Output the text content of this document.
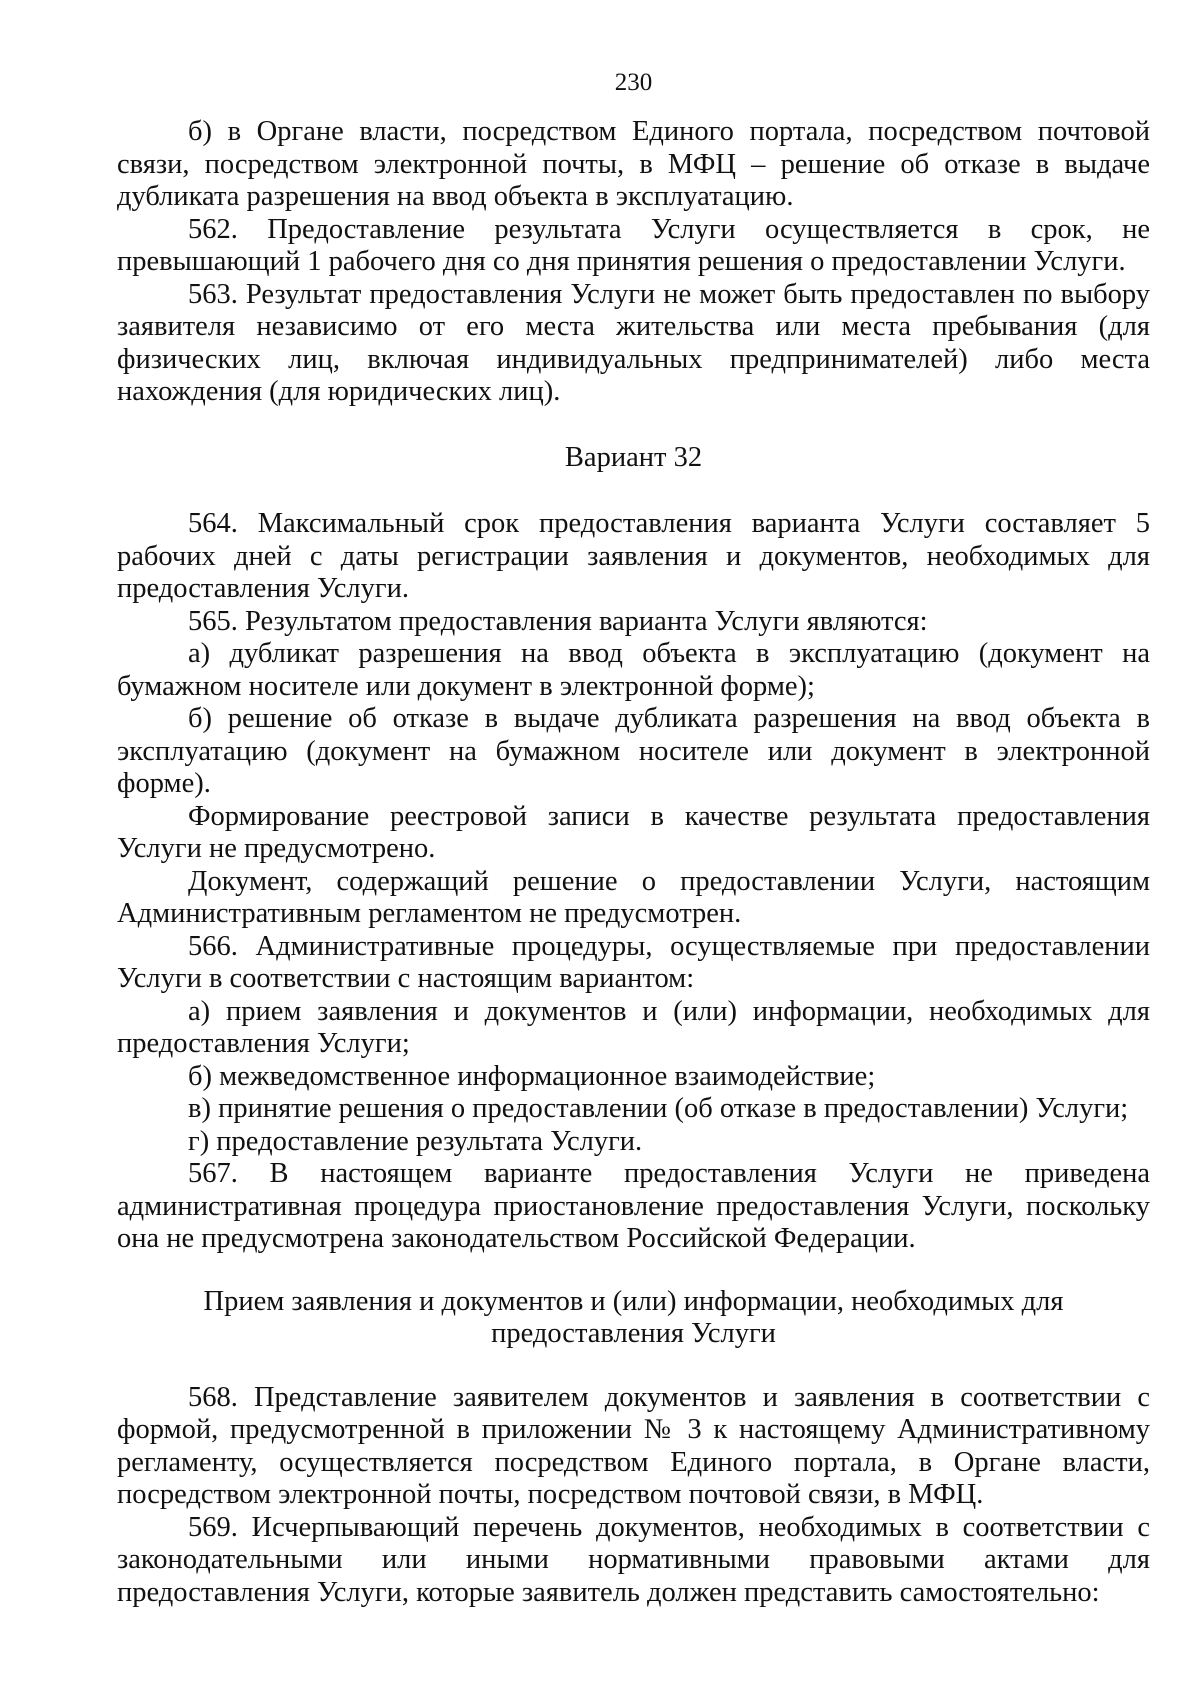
230

б) в Органе власти, посредством Единого портала, посредством почтовой связи, посредством электронной почты, в МФЦ – решение об отказе в выдаче дубликата разрешения на ввод объекта в эксплуатацию.

562. Предоставление результата Услуги осуществляется в срок, не превышающий 1 рабочего дня со дня принятия решения о предоставлении Услуги.

563. Результат предоставления Услуги не может быть предоставлен по выбору заявителя независимо от его места жительства или места пребывания (для физических лиц, включая индивидуальных предпринимателей) либо места нахождения (для юридических лиц).

Вариант 32

564. Максимальный срок предоставления варианта Услуги составляет 5 рабочих дней с даты регистрации заявления и документов, необходимых для предоставления Услуги.

565. Результатом предоставления варианта Услуги являются:

а) дубликат разрешения на ввод объекта в эксплуатацию (документ на бумажном носителе или документ в электронной форме);

б) решение об отказе в выдаче дубликата разрешения на ввод объекта в эксплуатацию (документ на бумажном носителе или документ в электронной форме).

Формирование реестровой записи в качестве результата предоставления Услуги не предусмотрено.

Документ, содержащий решение о предоставлении Услуги, настоящим Административным регламентом не предусмотрен.

566. Административные процедуры, осуществляемые при предоставлении Услуги в соответствии с настоящим вариантом:

а) прием заявления и документов и (или) информации, необходимых для предоставления Услуги;

б) межведомственное информационное взаимодействие;

в) принятие решения о предоставлении (об отказе в предоставлении) Услуги;

г) предоставление результата Услуги.

567. В настоящем варианте предоставления Услуги не приведена административная процедура приостановление предоставления Услуги, поскольку она не предусмотрена законодательством Российской Федерации.

Прием заявления и документов и (или) информации, необходимых для предоставления Услуги

568. Представление заявителем документов и заявления в соответствии с формой, предусмотренной в приложении № 3 к настоящему Административному регламенту, осуществляется посредством Единого портала, в Органе власти, посредством электронной почты, посредством почтовой связи, в МФЦ.

569. Исчерпывающий перечень документов, необходимых в соответствии с законодательными или иными нормативными правовыми актами для предоставления Услуги, которые заявитель должен представить самостоятельно:
